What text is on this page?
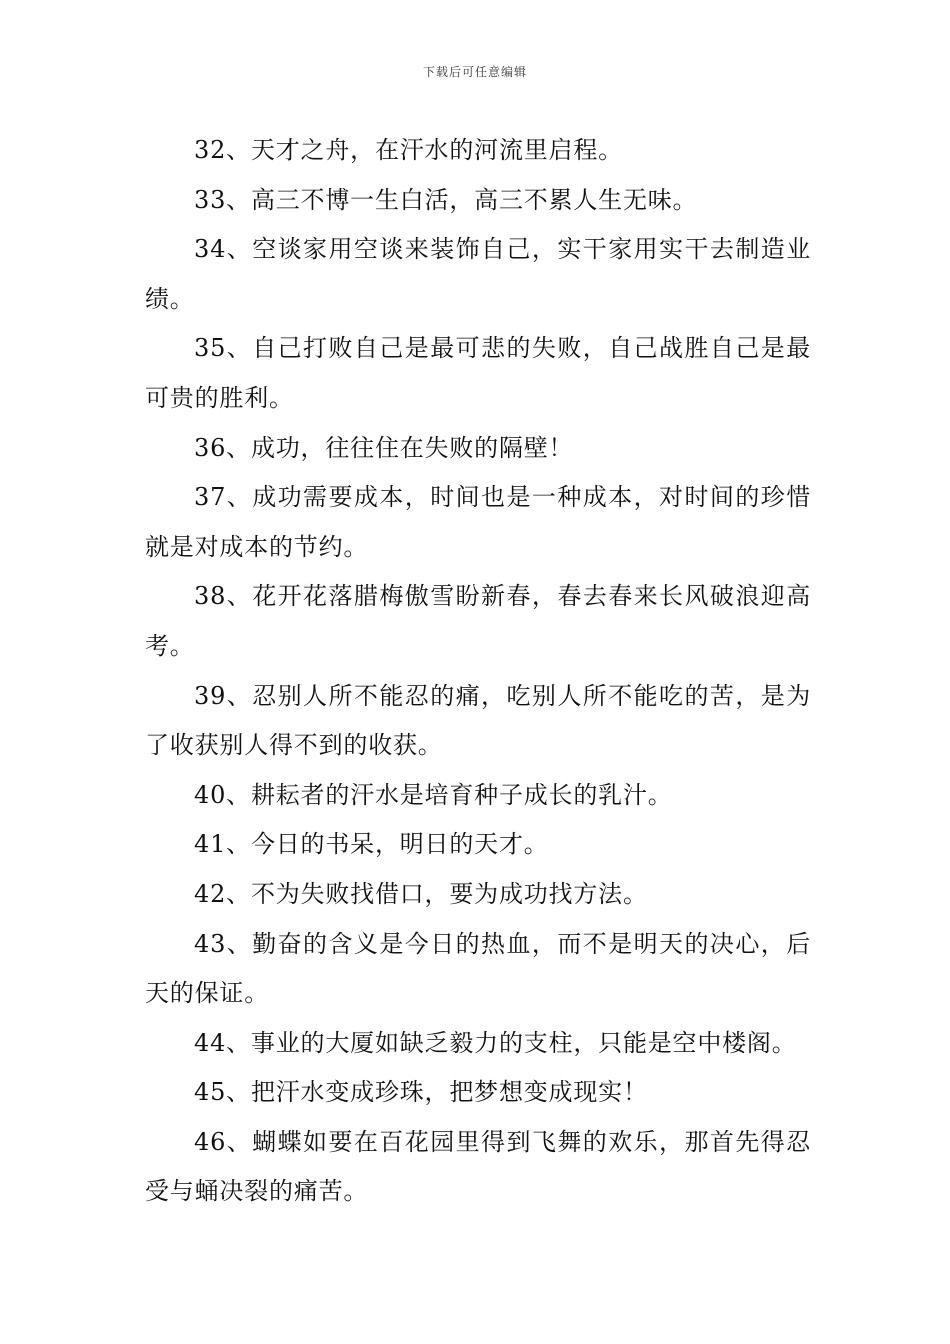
下载后可任意编辑

32、天才之舟，在汗水的河流里启程。

33、高三不博一生白活，高三不累人生无味。

34、空谈家用空谈来装饰自己，实干家用实干去制造业绩。

35、自己打败自己是最可悲的失败，自己战胜自己是最可贵的胜利。

36、成功，往往住在失败的隔壁！

37、成功需要成本，时间也是一种成本，对时间的珍惜就是对成本的节约。

38、花开花落腊梅傲雪盼新春，春去春来长风破浪迎高考。

39、忍别人所不能忍的痛，吃别人所不能吃的苦，是为了收获别人得不到的收获。

40、耕耘者的汗水是培育种子成长的乳汁。

41、今日的书呆，明日的天才。

42、不为失败找借口，要为成功找方法。

43、勤奋的含义是今日的热血，而不是明天的决心，后天的保证。

44、事业的大厦如缺乏毅力的支柱，只能是空中楼阁。

45、把汗水变成珍珠，把梦想变成现实！

46、蝴蝶如要在百花园里得到飞舞的欢乐，那首先得忍受与蛹决裂的痛苦。
